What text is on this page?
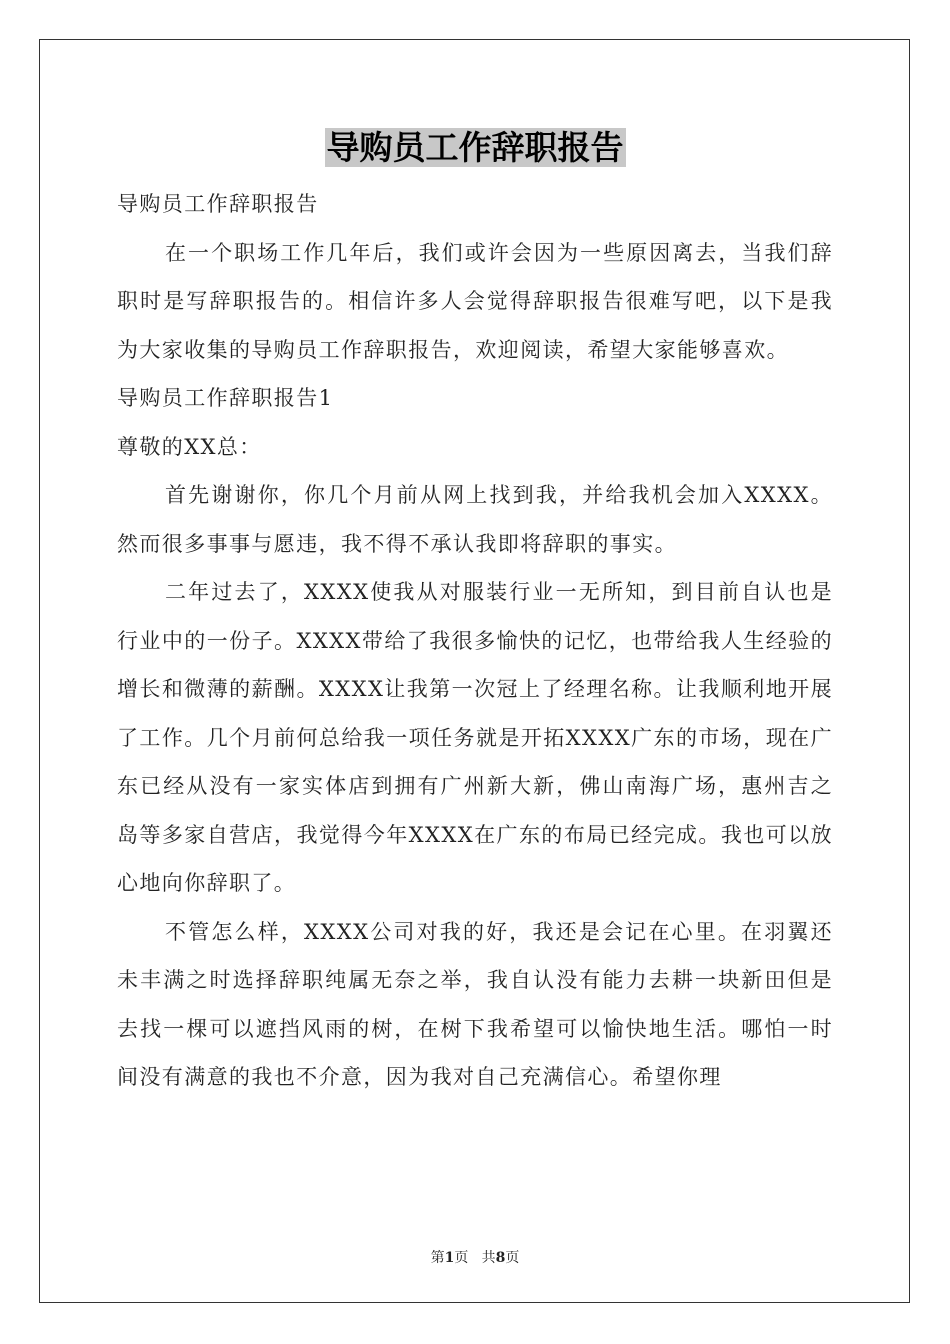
导购员工作辞职报告

导购员工作辞职报告

在一个职场工作几年后，我们或许会因为一些原因离去，当我们辞职时是写辞职报告的。相信许多人会觉得辞职报告很难写吧，以下是我为大家收集的导购员工作辞职报告，欢迎阅读，希望大家能够喜欢。

导购员工作辞职报告1

尊敬的XX总：

首先谢谢你，你几个月前从网上找到我，并给我机会加入XXXX。然而很多事事与愿违，我不得不承认我即将辞职的事实。

二年过去了，XXXX使我从对服装行业一无所知，到目前自认也是行业中的一份子。XXXX带给了我很多愉快的记忆，也带给我人生经验的增长和微薄的薪酬。XXXX让我第一次冠上了经理名称。让我顺利地开展了工作。几个月前何总给我一项任务就是开拓XXXX广东的市场，现在广东已经从没有一家实体店到拥有广州新大新，佛山南海广场，惠州吉之岛等多家自营店，我觉得今年XXXX在广东的布局已经完成。我也可以放心地向你辞职了。

不管怎么样，XXXX公司对我的好，我还是会记在心里。在羽翼还未丰满之时选择辞职纯属无奈之举，我自认没有能力去耕一块新田但是去找一棵可以遮挡风雨的树，在树下我希望可以愉快地生活。哪怕一时间没有满意的我也不介意，因为我对自己充满信心。希望你理

第1页 共8页
